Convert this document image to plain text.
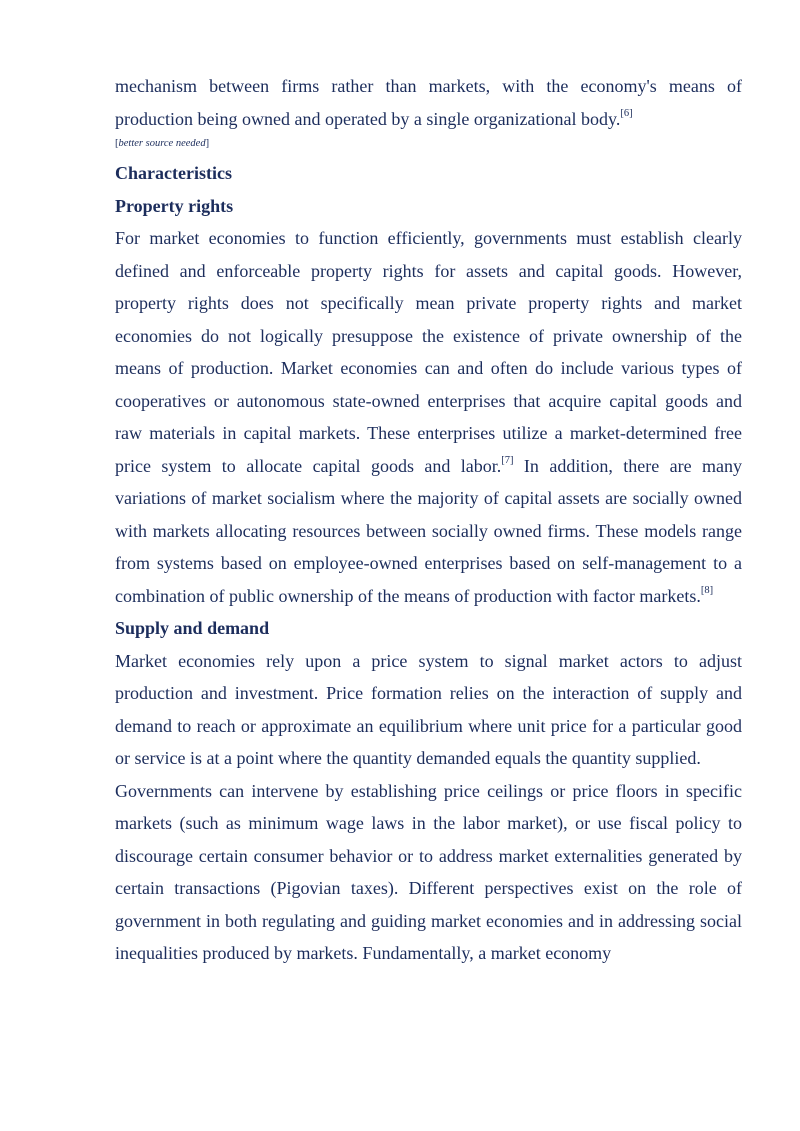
mechanism between firms rather than markets, with the economy's means of production being owned and operated by a single organizational body.[6]

[better source needed]
Characteristics
Property rights

For market economies to function efficiently, governments must establish clearly defined and enforceable property rights for assets and capital goods. However, property rights does not specifically mean private property rights and market economies do not logically presuppose the existence of private ownership of the means of production. Market economies can and often do include various types of cooperatives or autonomous state-owned enterprises that acquire capital goods and raw materials in capital markets. These enterprises utilize a market-determined free price system to allocate capital goods and labor.[7] In addition, there are many variations of market socialism where the majority of capital assets are socially owned with markets allocating resources between socially owned firms. These models range from systems based on employee-owned enterprises based on self-management to a combination of public ownership of the means of production with factor markets.[8]

Supply and demand

Market economies rely upon a price system to signal market actors to adjust production and investment. Price formation relies on the interaction of supply and demand to reach or approximate an equilibrium where unit price for a particular good or service is at a point where the quantity demanded equals the quantity supplied.

Governments can intervene by establishing price ceilings or price floors in specific markets (such as minimum wage laws in the labor market), or use fiscal policy to discourage certain consumer behavior or to address market externalities generated by certain transactions (Pigovian taxes). Different perspectives exist on the role of government in both regulating and guiding market economies and in addressing social inequalities produced by markets. Fundamentally, a market economy
